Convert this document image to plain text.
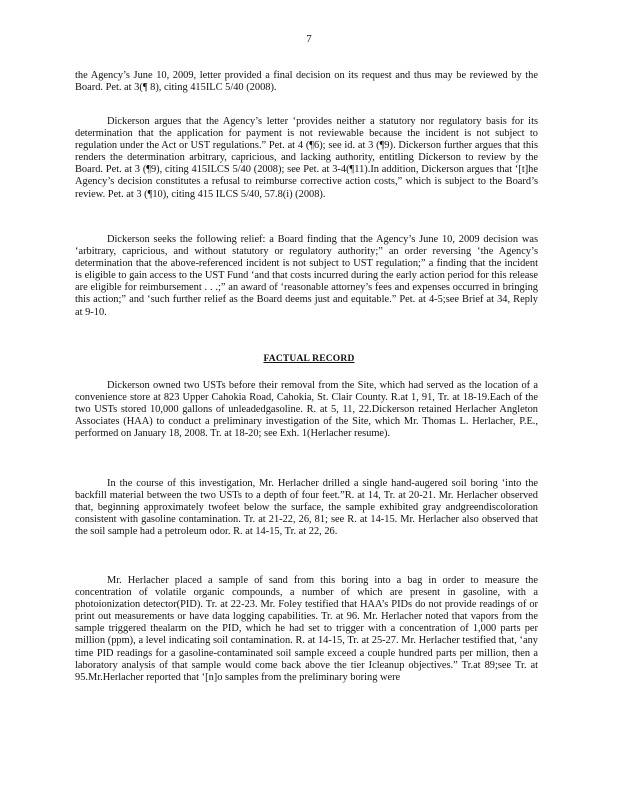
7

the Agency’s June 10, 2009, letter provided a final decision on its request and thus may be reviewed by the Board. Pet. at 3(¶ 8), citing 415ILC 5/40 (2008).

Dickerson argues that the Agency’s letter ‘provides neither a statutory nor regulatory basis for its determination that the application for payment is not reviewable because the incident is not subject to regulation under the Act or UST regulations.” Pet. at 4 (¶6); see id. at 3 (¶9). Dickerson further argues that this renders the determination arbitrary, capricious, and lacking authority, entitling Dickerson to review by the Board. Pet. at 3 (¶9), citing 415ILCS 5/40 (2008); see Pet. at 3-4(¶11).In addition, Dickerson argues that ‘[t]he Agency’s decision constitutes a refusal to reimburse corrective action costs,” which is subject to the Board’s review. Pet. at 3 (¶10), citing 415 ILCS 5/40, 57.8(i) (2008).

Dickerson seeks the following relief: a Board finding that the Agency’s June 10, 2009 decision was ‘arbitrary, capricious, and without statutory or regulatory authority;” an order reversing ‘the Agency’s determination that the above-referenced incident is not subject to UST regulation;” a finding that the incident is eligible to gain access to the UST Fund ‘and that costs incurred during the early action period for this release are eligible for reimbursement . . .;” an award of ‘reasonable attorney’s fees and expenses occurred in bringing this action;” and ‘such further relief as the Board deems just and equitable.” Pet. at 4-5;see Brief at 34, Reply at 9-10.

FACTUAL RECORD

Dickerson owned two USTs before their removal from the Site, which had served as the location of a convenience store at 823 Upper Cahokia Road, Cahokia, St. Clair County. R.at 1, 91, Tr. at 18-19.Each of the two USTs stored 10,000 gallons of unleadedgasoline. R. at 5, 11, 22.Dickerson retained Herlacher Angleton Associates (HAA) to conduct a preliminary investigation of the Site, which Mr. Thomas L. Herlacher, P.E., performed on January 18, 2008. Tr. at 18-20; see Exh. 1(Herlacher resume).

In the course of this investigation, Mr. Herlacher drilled a single hand-augered soil boring ‘into the backfill material between the two USTs to a depth of four feet.”R. at 14, Tr. at 20-21. Mr. Herlacher observed that, beginning approximately twofeet below the surface, the sample exhibited gray andgreendiscoloration consistent with gasoline contamination. Tr. at 21-22, 26, 81; see R. at 14-15. Mr. Herlacher also observed that the soil sample had a petroleum odor. R. at 14-15, Tr. at 22, 26.

Mr. Herlacher placed a sample of sand from this boring into a bag in order to measure the concentration of volatile organic compounds, a number of which are present in gasoline, with a photoionization detector(PID). Tr. at 22-23. Mr. Foley testified that HAA’s PIDs do not provide readings of or print out measurements or have data logging capabilities. Tr. at 96. Mr. Herlacher noted that vapors from the sample triggered thealarm on the PID, which he had set to trigger with a concentration of 1,000 parts per million (ppm), a level indicating soil contamination. R. at 14-15, Tr. at 25-27. Mr. Herlacher testified that, ‘any time PID readings for a gasoline-contaminated soil sample exceed a couple hundred parts per million, then a laboratory analysis of that sample would come back above the tier Icleanup objectives.” Tr.at 89;see Tr. at 95.Mr.Herlacher reported that ‘[n]o samples from the preliminary boring were
